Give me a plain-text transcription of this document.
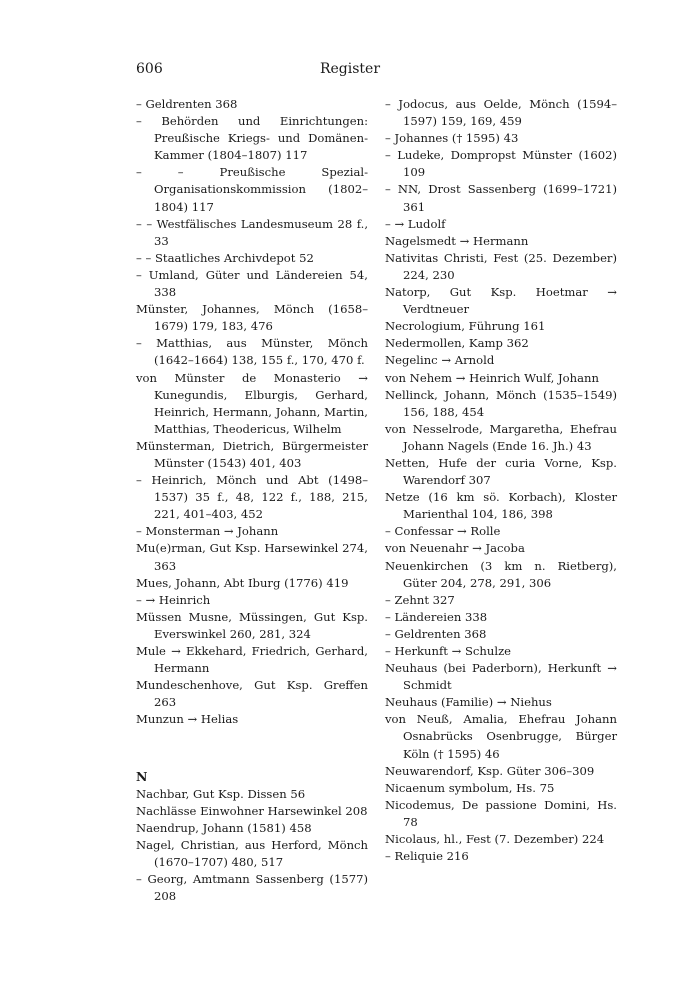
606	Register
– Geldrenten 368
– Behörden und Einrichtungen: Preußische Kriegs- und Domänen-Kammer (1804–1807) 117
– – Preußische Spezial-Organisationskommission (1802–1804) 117
– – Westfälisches Landesmuseum 28 f., 33
– – Staatliches Archivdepot 52
– Umland, Güter und Ländereien 54, 338
Münster, Johannes, Mönch (1658–1679) 179, 183, 476
– Matthias, aus Münster, Mönch (1642–1664) 138, 155 f., 170, 470 f.
von Münster de Monasterio → Kunegundis, Elburgis, Gerhard, Heinrich, Hermann, Johann, Martin, Matthias, Theodericus, Wilhelm
Münsterman, Dietrich, Bürgermeister Münster (1543) 401, 403
– Heinrich, Mönch und Abt (1498–1537) 35 f., 48, 122 f., 188, 215, 221, 401–403, 452
– Monsterman → Johann
Mu(e)rman, Gut Ksp. Harsewinkel 274, 363
Mues, Johann, Abt Iburg (1776) 419
– → Heinrich
Müssen Musne, Müssingen, Gut Ksp. Everswinkel 260, 281, 324
Mule → Ekkehard, Friedrich, Gerhard, Hermann
Mundeschenhove, Gut Ksp. Greffen 263
Munzun → Helias
N
Nachbar, Gut Ksp. Dissen 56
Nachlässe Einwohner Harsewinkel 208
Naendrup, Johann (1581) 458
Nagel, Christian, aus Herford, Mönch (1670–1707) 480, 517
– Georg, Amtmann Sassenberg (1577) 208
– Jodocus, aus Oelde, Mönch (1594–1597) 159, 169, 459
– Johannes († 1595) 43
– Ludeke, Dompropst Münster (1602) 109
– NN, Drost Sassenberg (1699–1721) 361
– → Ludolf
Nagelsmedt → Hermann
Nativitas Christi, Fest (25. Dezember) 224, 230
Natorp, Gut Ksp. Hoetmar → Verdtneuer
Necrologium, Führung 161
Nedermollen, Kamp 362
Negelinc → Arnold
von Nehem → Heinrich Wulf, Johann
Nellinck, Johann, Mönch (1535–1549) 156, 188, 454
von Nesselrode, Margaretha, Ehefrau Johann Nagels (Ende 16. Jh.) 43
Netten, Hufe der curia Vorne, Ksp. Warendorf 307
Netze (16 km sö. Korbach), Kloster Marienthal 104, 186, 398
– Confessar → Rolle
von Neuenahr → Jacoba
Neuenkirchen (3 km n. Rietberg), Güter 204, 278, 291, 306
– Zehnt 327
– Ländereien 338
– Geldrenten 368
– Herkunft → Schulze
Neuhaus (bei Paderborn), Herkunft → Schmidt
Neuhaus (Familie) → Niehus
von Neuß, Amalia, Ehefrau Johann Osnabrücks Osenbrugge, Bürger Köln († 1595) 46
Neuwarendorf, Ksp. Güter 306–309
Nicaenum symbolum, Hs. 75
Nicodemus, De passione Domini, Hs. 78
Nicolaus, hl., Fest (7. Dezember) 224
– Reliquie 216
